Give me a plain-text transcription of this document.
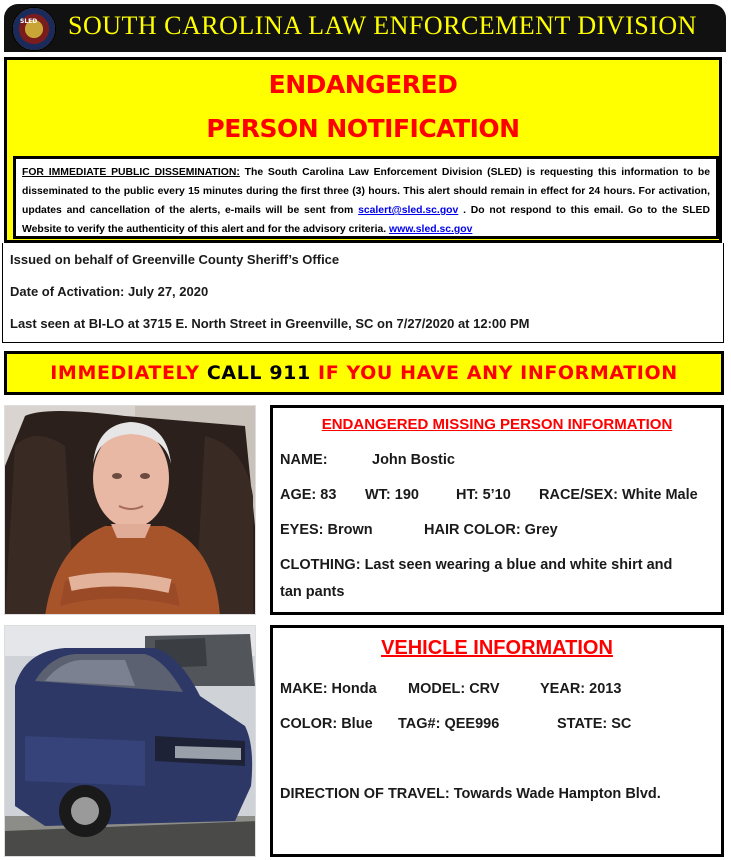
SLED SOUTH CAROLINA LAW ENFORCEMENT DIVISION
ENDANGERED
PERSON NOTIFICATION
FOR IMMEDIATE PUBLIC DISSEMINATION: The South Carolina Law Enforcement Division (SLED) is requesting this information to be disseminated to the public every 15 minutes during the first three (3) hours. This alert should remain in effect for 24 hours. For activation, updates and cancellation of the alerts, e-mails will be sent from scalert@sled.sc.gov . Do not respond to this email. Go to the SLED Website to verify the authenticity of this alert and for the advisory criteria. www.sled.sc.gov
Issued on behalf of Greenville County Sheriff’s Office
Date of Activation: July 27, 2020
Last seen at BI-LO at 3715 E. North Street in Greenville, SC on 7/27/2020 at 12:00 PM
IMMEDIATELY CALL 911 IF YOU HAVE ANY INFORMATION
ENDANGERED MISSING PERSON INFORMATION
NAME:	John Bostic
AGE: 83 WT: 190	HT: 5’10 RACE/SEX: White Male
EYES: Brown	HAIR COLOR: Grey
CLOTHING: Last seen wearing a blue and white shirt and
tan pants
VEHICLE INFORMATION
MAKE: Honda MODEL: CRV	YEAR: 2013
COLOR: Blue TAG#: QEE996	STATE: SC
DIRECTION OF TRAVEL: Towards Wade Hampton Blvd.
